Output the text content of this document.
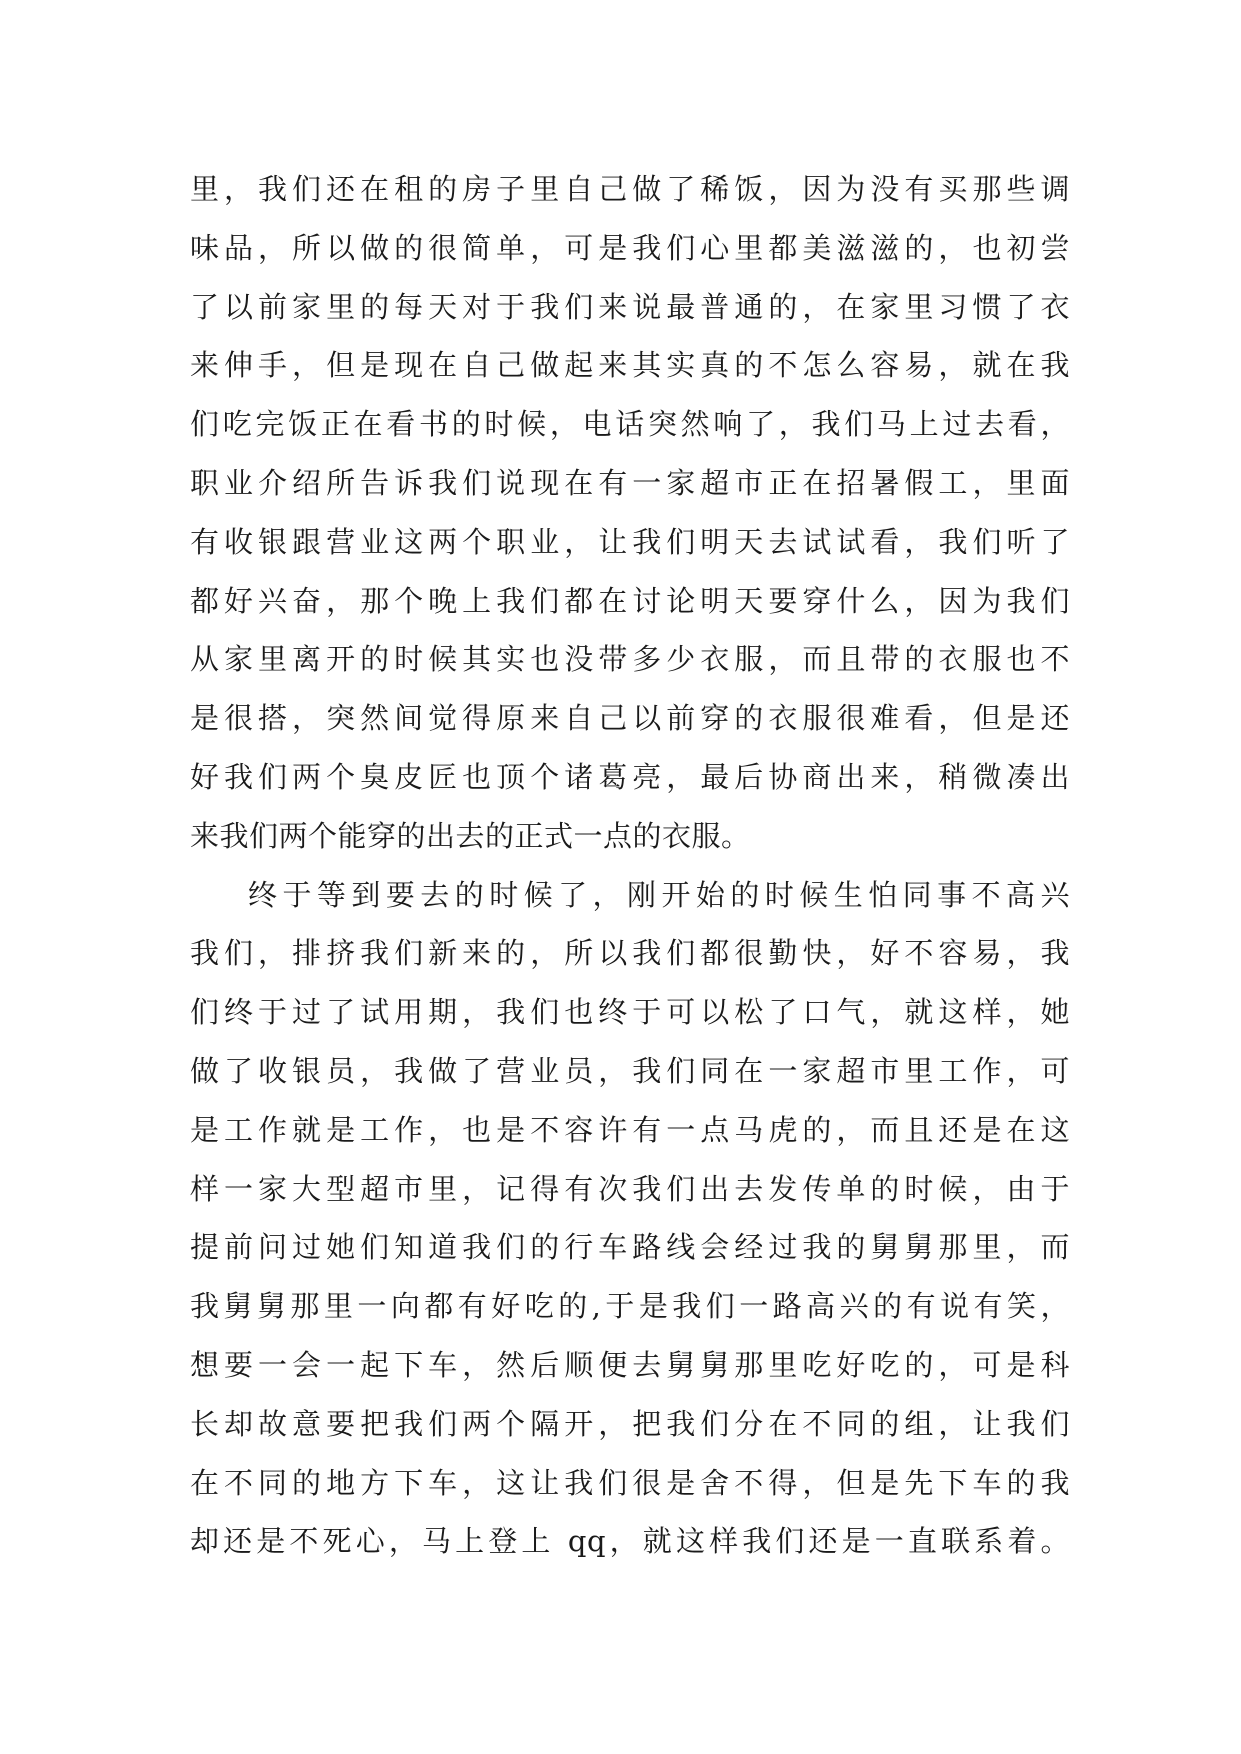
里，我们还在租的房子里自己做了稀饭，因为没有买那些调
味品，所以做的很简单，可是我们心里都美滋滋的，也初尝
了以前家里的每天对于我们来说最普通的，在家里习惯了衣
来伸手，但是现在自己做起来其实真的不怎么容易，就在我
们吃完饭正在看书的时候，电话突然响了，我们马上过去看，
职业介绍所告诉我们说现在有一家超市正在招暑假工，里面
有收银跟营业这两个职业，让我们明天去试试看，我们听了
都好兴奋，那个晚上我们都在讨论明天要穿什么，因为我们
从家里离开的时候其实也没带多少衣服，而且带的衣服也不
是很搭，突然间觉得原来自己以前穿的衣服很难看，但是还
好我们两个臭皮匠也顶个诸葛亮，最后协商出来，稍微凑出
来我们两个能穿的出去的正式一点的衣服。
终于等到要去的时候了，刚开始的时候生怕同事不高兴
我们，排挤我们新来的，所以我们都很勤快，好不容易，我
们终于过了试用期，我们也终于可以松了口气，就这样，她
做了收银员，我做了营业员，我们同在一家超市里工作，可
是工作就是工作，也是不容许有一点马虎的，而且还是在这
样一家大型超市里，记得有次我们出去发传单的时候，由于
提前问过她们知道我们的行车路线会经过我的舅舅那里，而
我舅舅那里一向都有好吃的,于是我们一路高兴的有说有笑，
想要一会一起下车，然后顺便去舅舅那里吃好吃的，可是科
长却故意要把我们两个隔开，把我们分在不同的组，让我们
在不同的地方下车，这让我们很是舍不得，但是先下车的我
却还是不死心，马上登上 qq，就这样我们还是一直联系着。
